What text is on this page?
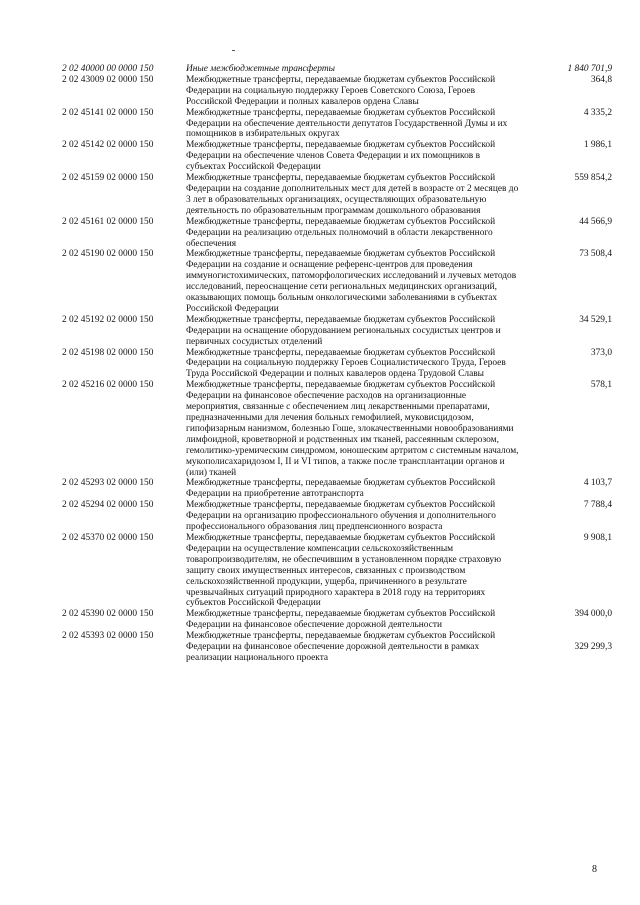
2 02 40000 00 0000 150	Иные межбюджетные трансферты	1 840 701,9
2 02 43009 02 0000 150	Межбюджетные трансферты, передаваемые бюджетам субъектов Российской Федерации на социальную поддержку Героев Советского Союза, Героев Российской Федерации и полных кавалеров ордена Славы	364,8
2 02 45141 02 0000 150	Межбюджетные трансферты, передаваемые бюджетам субъектов Российской Федерации на обеспечение деятельности депутатов Государственной Думы и их помощников в избирательных округах	4 335,2
2 02 45142 02 0000 150	Межбюджетные трансферты, передаваемые бюджетам субъектов Российской Федерации на обеспечение членов Совета Федерации и их помощников в субъектах Российской Федерации	1 986,1
2 02 45159 02 0000 150	Межбюджетные трансферты, передаваемые бюджетам субъектов Российской Федерации на создание дополнительных мест для детей в возрасте от 2 месяцев до 3 лет в образовательных организациях, осуществляющих образовательную деятельность по образовательным программам дошкольного образования	559 854,2
2 02 45161 02 0000 150	Межбюджетные трансферты, передаваемые бюджетам субъектов Российской Федерации на реализацию отдельных полномочий в области лекарственного обеспечения	44 566,9
2 02 45190 02 0000 150	Межбюджетные трансферты, передаваемые бюджетам субъектов Российской Федерации на создание и оснащение референс-центров для проведения иммуногистохимических, патоморфологических исследований и лучевых методов исследований, переоснащение сети региональных медицинских организаций, оказывающих помощь больным онкологическими заболеваниями в субъектах Российской Федерации	73 508,4
2 02 45192 02 0000 150	Межбюджетные трансферты, передаваемые бюджетам субъектов Российской Федерации на оснащение оборудованием региональных сосудистых центров и первичных сосудистых отделений	34 529,1
2 02 45198 02 0000 150	Межбюджетные трансферты, передаваемые бюджетам субъектов Российской Федерации на социальную поддержку Героев Социалистического Труда, Героев Труда Российской Федерации и полных кавалеров ордена Трудовой Славы	373,0
2 02 45216 02 0000 150	Межбюджетные трансферты, передаваемые бюджетам субъектов Российской Федерации на финансовое обеспечение расходов на организационные мероприятия, связанные с обеспечением лиц лекарственными препаратами, предназначенными для лечения больных гемофилией, муковисцидозом, гипофизарным нанизмом, болезнью Гоше, злокачественными новообразованиями лимфоидной, кроветворной и родственных им тканей, рассеянным склерозом, гемолитико-уремическим синдромом, юношеским артритом с системным началом, мукополисахаридозом I, II и VI типов, а также после трансплантации органов и (или) тканей	578,1
2 02 45293 02 0000 150	Межбюджетные трансферты, передаваемые бюджетам субъектов Российской Федерации на приобретение автотранспорта	4 103,7
2 02 45294 02 0000 150	Межбюджетные трансферты, передаваемые бюджетам субъектов Российской Федерации на организацию профессионального обучения и дополнительного профессионального образования лиц предпенсионного возраста	7 788,4
2 02 45370 02 0000 150	Межбюджетные трансферты, передаваемые бюджетам субъектов Российской Федерации на осуществление компенсации сельскохозяйственным товаропроизводителям, не обеспечившим в установленном порядке страховую защиту своих имущественных интересов, связанных с производством сельскохозяйственной продукции, ущерба, причиненного в результате чрезвычайных ситуаций природного характера в 2018 году на территориях субъектов Российской Федерации	9 908,1
2 02 45390 02 0000 150	Межбюджетные трансферты, передаваемые бюджетам субъектов Российской Федерации на финансовое обеспечение дорожной деятельности	394 000,0
2 02 45393 02 0000 150	Межбюджетные трансферты, передаваемые бюджетам субъектов Российской Федерации на финансовое обеспечение дорожной деятельности в рамках реализации национального проекта	329 299,3
8
